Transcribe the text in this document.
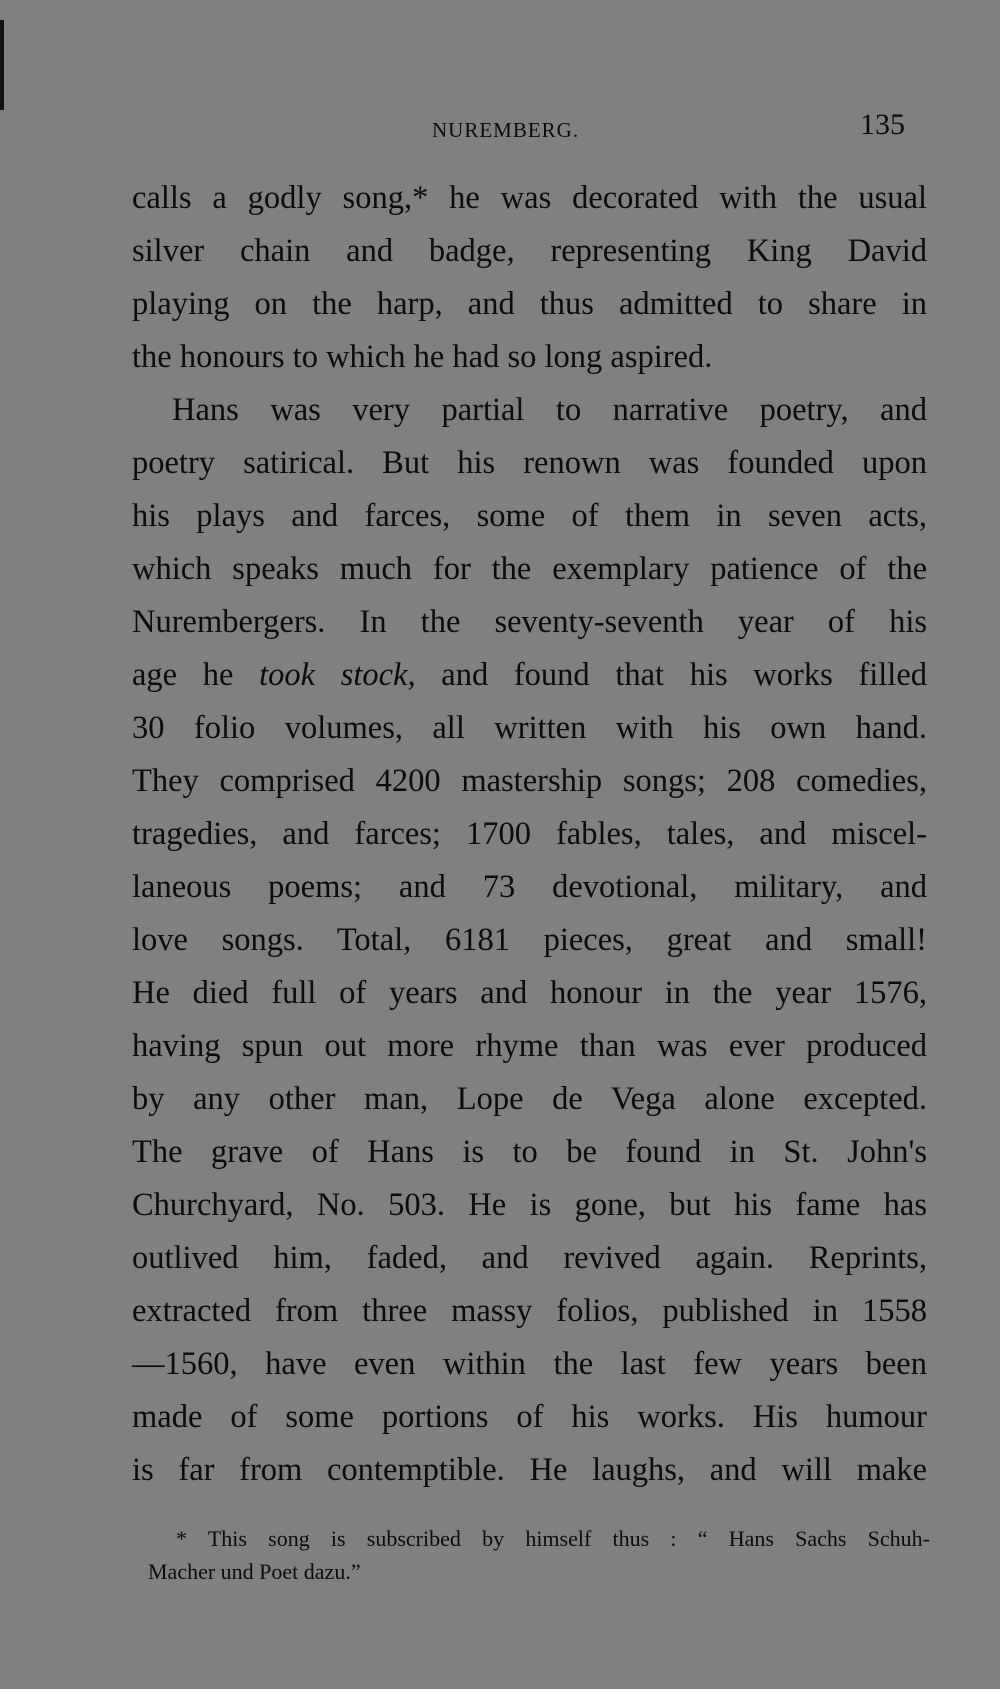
NUREMBERG.	135
calls a godly song,* he was decorated with the usual
silver chain and badge, representing King David
playing on the harp, and thus admitted to share in
the honours to which he had so long aspired.
Hans was very partial to narrative poetry, and
poetry satirical. But his renown was founded upon
his plays and farces, some of them in seven acts,
which speaks much for the exemplary patience of the
Nurembergers. In the seventy-seventh year of his
age he took stock, and found that his works filled
30 folio volumes, all written with his own hand.
They comprised 4200 mastership songs; 208 comedies,
tragedies, and farces; 1700 fables, tales, and miscel-
laneous poems; and 73 devotional, military, and
love songs. Total, 6181 pieces, great and small!
He died full of years and honour in the year 1576,
having spun out more rhyme than was ever produced
by any other man, Lope de Vega alone excepted.
The grave of Hans is to be found in St. John's
Churchyard, No. 503. He is gone, but his fame has
outlived him, faded, and revived again. Reprints,
extracted from three massy folios, published in 1558
—1560, have even within the last few years been
made of some portions of his works. His humour
is far from contemptible. He laughs, and will make
* This song is subscribed by himself thus : “ Hans Sachs Schuh-
Macher und Poet dazu.”
